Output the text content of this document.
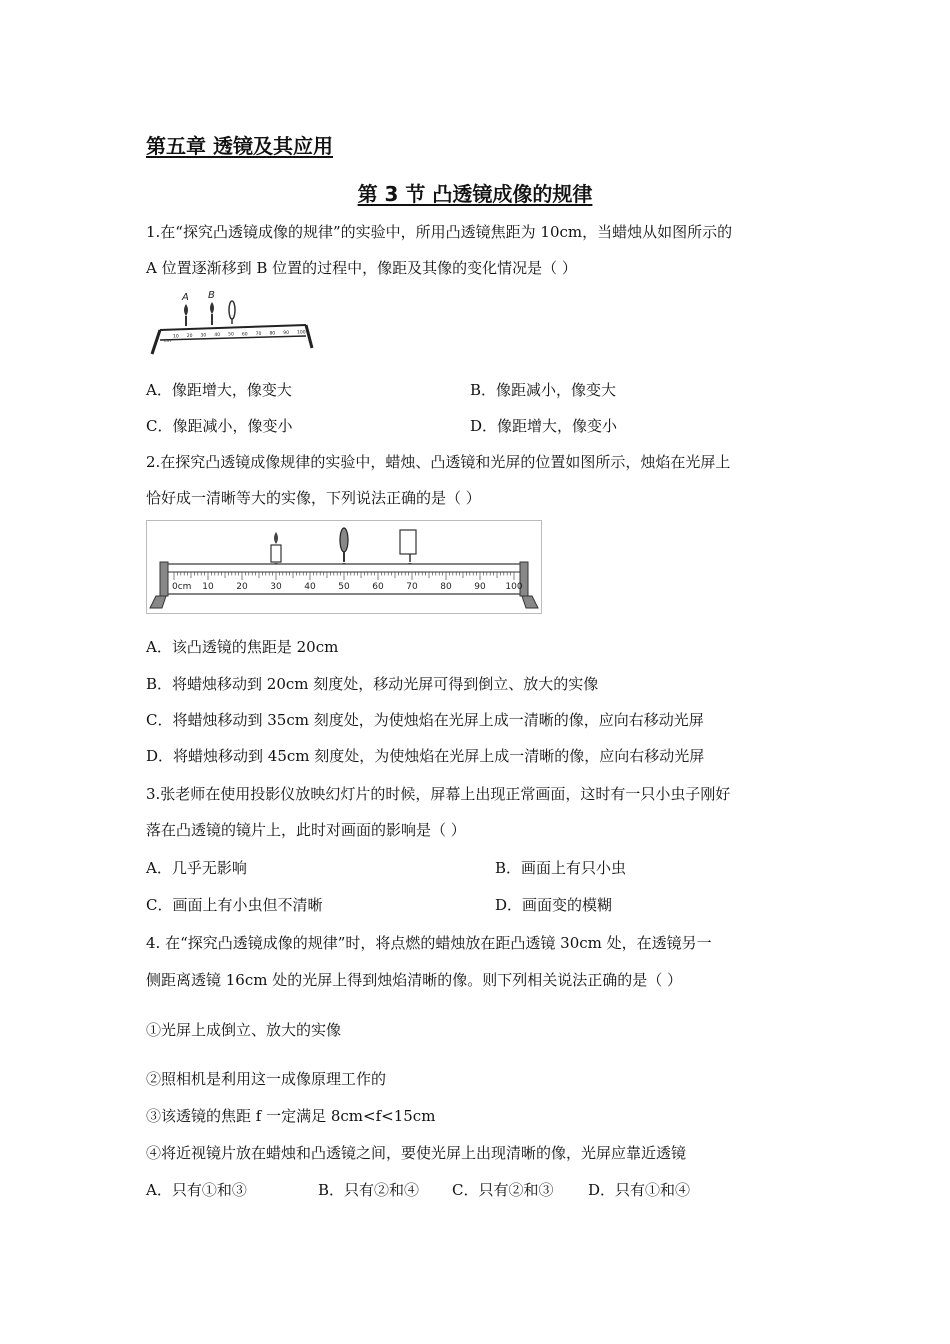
第五章 透镜及其应用
第 3 节 凸透镜成像的规律
1.在“探究凸透镜成像的规律”的实验中，所用凸透镜焦距为 10cm，当蜡烛从如图所示的
A 位置逐渐移到 B 位置的过程中，像距及其像的变化情况是（ ）
A B
cm
10 20 30 40 50 60 70 80 90 100
A．像距增大，像变大	B．像距减小，像变大
C．像距减小，像变小	D．像距增大，像变小
2.在探究凸透镜成像规律的实验中，蜡烛、凸透镜和光屏的位置如图所示，烛焰在光屏上
恰好成一清晰等大的实像，下列说法正确的是（ ）
0cm 10	20	30	40	50	60	70	80	90 100
A．该凸透镜的焦距是 20cm
B．将蜡烛移动到 20cm 刻度处，移动光屏可得到倒立、放大的实像
C．将蜡烛移动到 35cm 刻度处，为使烛焰在光屏上成一清晰的像，应向右移动光屏
D．将蜡烛移动到 45cm 刻度处，为使烛焰在光屏上成一清晰的像，应向右移动光屏
3.张老师在使用投影仪放映幻灯片的时候，屏幕上出现正常画面，这时有一只小虫子刚好
落在凸透镜的镜片上，此时对画面的影响是（ ）
A．几乎无影响	B．画面上有只小虫
C．画面上有小虫但不清晰	D．画面变的模糊
4. 在“探究凸透镜成像的规律”时，将点燃的蜡烛放在距凸透镜 30cm 处，在透镜另一
侧距离透镜 16cm 处的光屏上得到烛焰清晰的像。则下列相关说法正确的是（ ）
①光屏上成倒立、放大的实像
②照相机是利用这一成像原理工作的
③该透镜的焦距 f 一定满足 8cm<f<15cm
④将近视镜片放在蜡烛和凸透镜之间，要使光屏上出现清晰的像，光屏应靠近透镜
A．只有①和③	B．只有②和④ C．只有②和③ D．只有①和④
